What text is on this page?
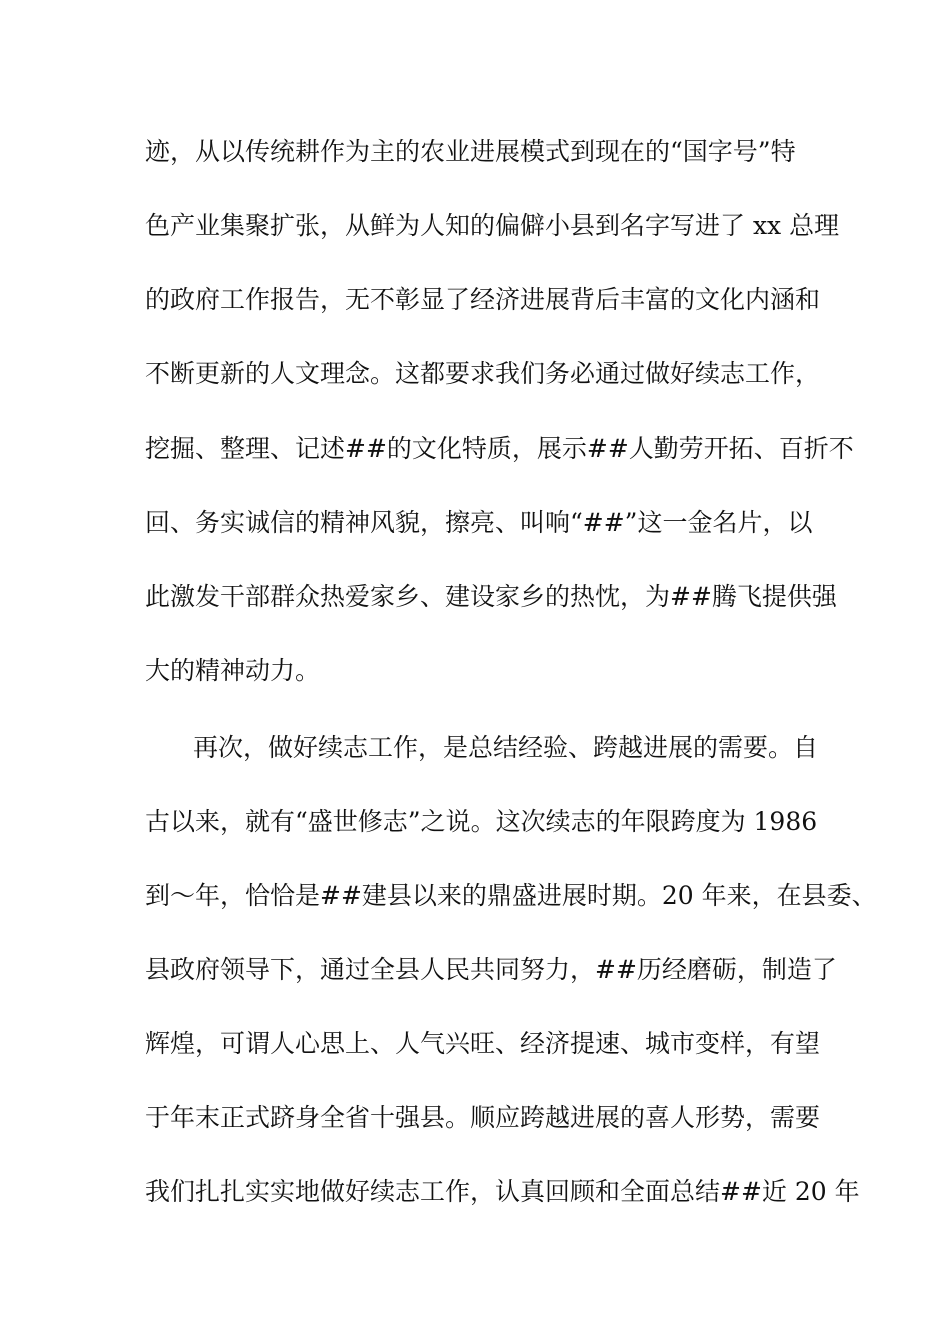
迹，从以传统耕作为主的农业进展模式到现在的“国字号”特
色产业集聚扩张，从鲜为人知的偏僻小县到名字写进了 xx 总理
的政府工作报告，无不彰显了经济进展背后丰富的文化内涵和
不断更新的人文理念。这都要求我们务必通过做好续志工作，
挖掘、整理、记述##的文化特质，展示##人勤劳开拓、百折不
回、务实诚信的精神风貌，擦亮、叫响“##”这一金名片，以
此激发干部群众热爱家乡、建设家乡的热忱，为##腾飞提供强
大的精神动力。
再次，做好续志工作，是总结经验、跨越进展的需要。自
古以来，就有“盛世修志”之说。这次续志的年限跨度为 1986
到～年，恰恰是##建县以来的鼎盛进展时期。20 年来，在县委、
县政府领导下，通过全县人民共同努力，##历经磨砺，制造了
辉煌，可谓人心思上、人气兴旺、经济提速、城市变样，有望
于年末正式跻身全省十强县。顺应跨越进展的喜人形势，需要
我们扎扎实实地做好续志工作，认真回顾和全面总结##近 20 年
